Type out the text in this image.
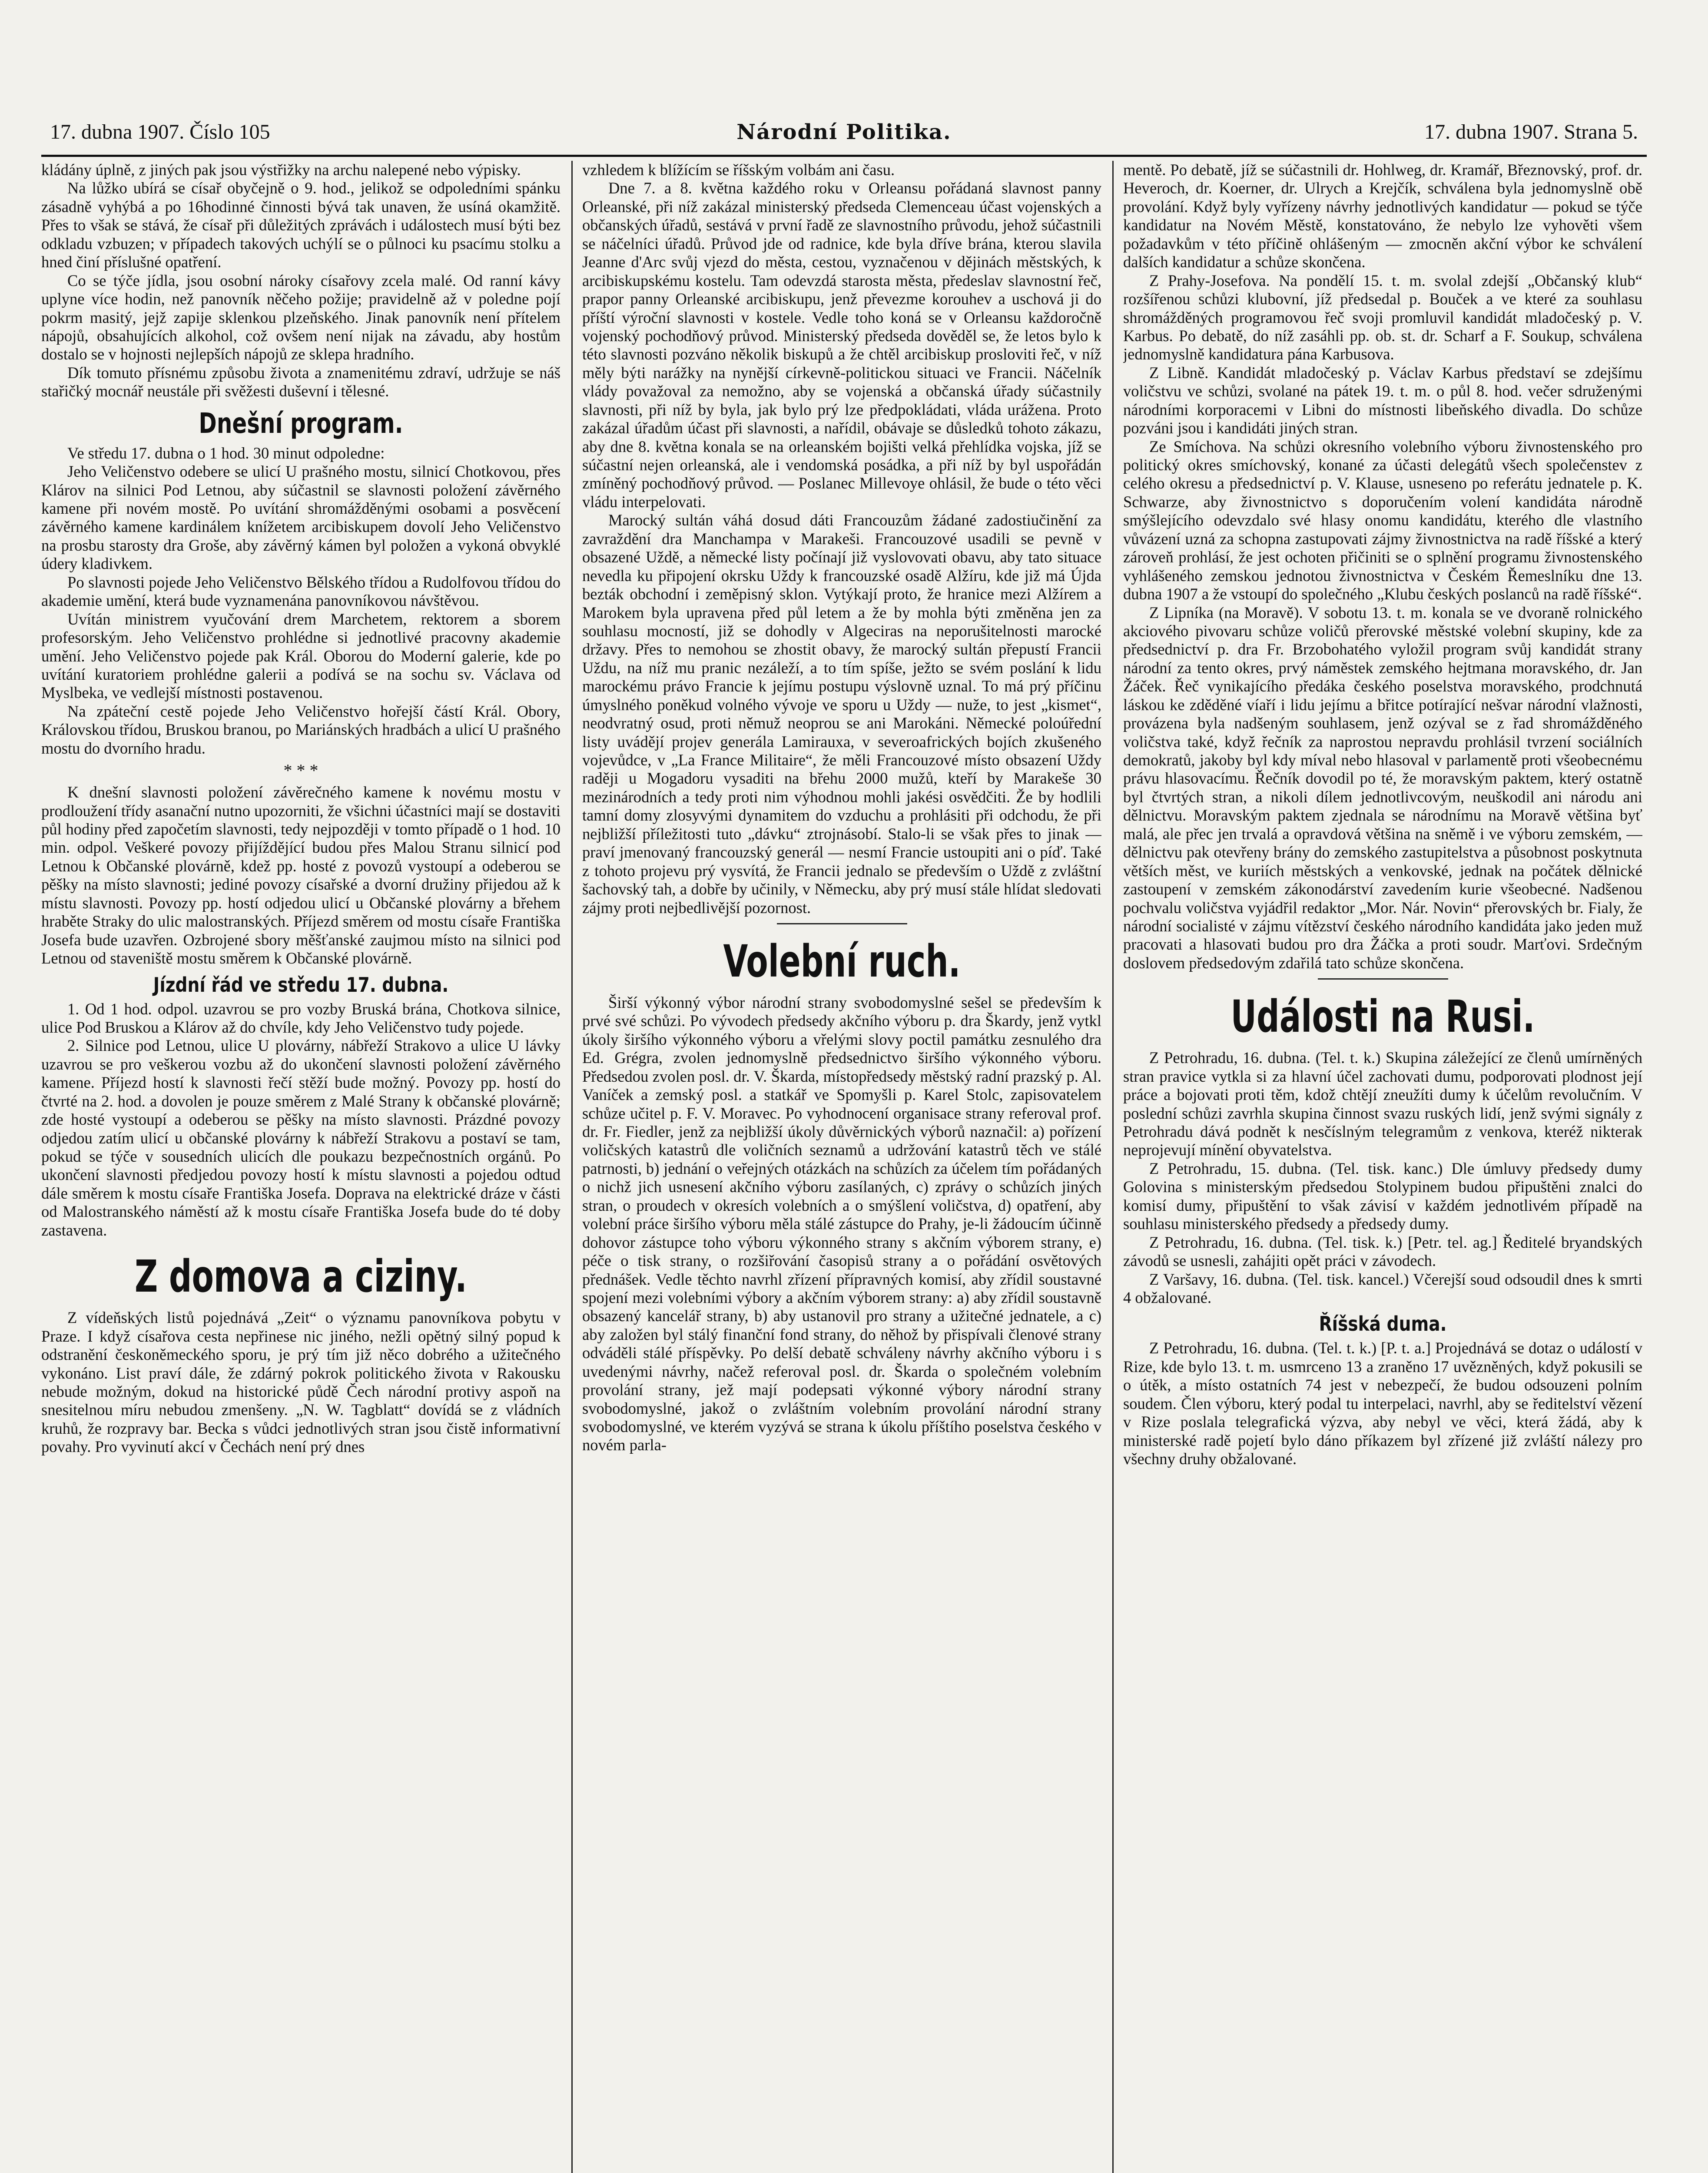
17. dubna 1907. Číslo 105	Národní Politika.	17. dubna 1907. Strana 5.

kládány úplně, z jiných pak jsou výstřižky na archu nalepené nebo výpisky.

Na lůžko ubírá se císař obyčejně o 9. hod., jelikož se odpoledními spánku zásadně vyhýbá a po 16hodinné činnosti bývá tak unaven, že usíná okamžitě. Přes to však se stává, že císař při důležitých zprávách i událostech musí býti bez odkladu vzbuzen; v případech takových uchýlí se o půlnoci ku psacímu stolku a hned činí příslušné opatření.

Co se týče jídla, jsou osobní nároky císařovy zcela malé. Od ranní kávy uplyne více hodin, než panovník něčeho požije; pravidelně až v poledne pojí pokrm masitý, jejž zapije sklenkou plzeňského. Jinak panovník není přítelem nápojů, obsahujících alkohol, což ovšem není nijak na závadu, aby hostům dostalo se v hojnosti nejlepších nápojů ze sklepa hradního.

Dík tomuto přísnému způsobu života a znamenitému zdraví, udržuje se náš stařičký mocnář neustále při svěžesti duševní i tělesné.

Dnešní program.

Ve středu 17. dubna o 1 hod. 30 minut odpoledne:

Jeho Veličenstvo odebere se ulicí U prašného mostu, silnicí Chotkovou, přes Klárov na silnici Pod Letnou, aby súčastnil se slavnosti položení závěrného kamene při novém mostě. Po uvítání shromážděnými osobami a posvěcení závěrného kamene kardinálem knížetem arcibiskupem dovolí Jeho Veličenstvo na prosbu starosty dra Groše, aby závěrný kámen byl položen a vykoná obvyklé údery kladivkem.

Po slavnosti pojede Jeho Veličenstvo Bělského třídou a Rudolfovou třídou do akademie umění, která bude vyznamenána panovníkovou návštěvou.

Uvítán ministrem vyučování drem Marchetem, rektorem a sborem profesorským. Jeho Veličenstvo prohlédne si jednotlivé pracovny akademie umění. Jeho Veličenstvo pojede pak Král. Oborou do Moderní galerie, kde po uvítání kuratoriem prohlédne galerii a podívá se na sochu sv. Václava od Myslbeka, ve vedlejší místnosti postavenou.

Na zpáteční cestě pojede Jeho Veličenstvo hořejší částí Král. Obory, Královskou třídou, Bruskou branou, po Mariánských hradbách a ulicí U prašného mostu do dvorního hradu.

* * *

K dnešní slavnosti položení závěrečného kamene k novému mostu v prodloužení třídy asanační nutno upozorniti, že všichni účastníci mají se dostaviti půl hodiny před započetím slavnosti, tedy nejpozději v tomto případě o 1 hod. 10 min. odpol. Veškeré povozy přijíždějící budou přes Malou Stranu silnicí pod Letnou k Občanské plovárně, kdež pp. hosté z povozů vystoupí a odeberou se pěšky na místo slavnosti; jediné povozy císařské a dvorní družiny přijedou až k místu slavnosti. Povozy pp. hostí odjedou ulicí u Občanské plovárny a břehem hraběte Straky do ulic malostranských. Příjezd směrem od mostu císaře Františka Josefa bude uzavřen. Ozbrojené sbory měšťanské zaujmou místo na silnici pod Letnou od staveniště mostu směrem k Občanské plovárně.

Jízdní řád ve středu 17. dubna.

1. Od 1 hod. odpol. uzavrou se pro vozby Bruská brána, Chotkova silnice, ulice Pod Bruskou a Klárov až do chvíle, kdy Jeho Veličenstvo tudy pojede.

2. Silnice pod Letnou, ulice U plovárny, nábřeží Strakovo a ulice U lávky uzavrou se pro veškerou vozbu až do ukončení slavnosti položení závěrného kamene. Příjezd hostí k slavnosti řečí stěží bude možný. Povozy pp. hostí do čtvrté na 2. hod. a dovolen je pouze směrem z Malé Strany k občanské plovárně; zde hosté vystoupí a odeberou se pěšky na místo slavnosti. Prázdné povozy odjedou zatím ulicí u občanské plovárny k nábřeží Strakovu a postaví se tam, pokud se týče v sousedních ulicích dle poukazu bezpečnostních orgánů. Po ukončení slavnosti předjedou povozy hostí k místu slavnosti a pojedou odtud dále směrem k mostu císaře Františka Josefa. Doprava na elektrické dráze v části od Malostranského náměstí až k mostu císaře Františka Josefa bude do té doby zastavena.

Z domova a ciziny.

Z vídeňských listů pojednává „Zeit“ o významu panovníkova pobytu v Praze. I když císařova cesta nepřinese nic jiného, nežli opětný silný popud k odstranění českoněmeckého sporu, je prý tím již něco dobrého a užitečného vykonáno. List praví dále, že zdárný pokrok politického života v Rakousku nebude možným, dokud na historické půdě Čech národní protivy aspoň na snesitelnou míru nebudou zmenšeny. „N. W. Tagblatt“ dovídá se z vládních kruhů, že rozpravy bar. Becka s vůdci jednotlivých stran jsou čistě informativní povahy. Pro vyvinutí akcí v Čechách není prý dnes

vzhledem k blížícím se říšským volbám ani času.

Dne 7. a 8. května každého roku v Orleansu pořádaná slavnost panny Orleanské, při níž zakázal ministerský předseda Clemenceau účast vojenských a občanských úřadů, sestává v první řadě ze slavnostního průvodu, jehož súčastnili se náčelníci úřadů. Průvod jde od radnice, kde byla dříve brána, kterou slavila Jeanne d'Arc svůj vjezd do města, cestou, vyznačenou v dějinách městských, k arcibiskupskému kostelu. Tam odevzdá starosta města, předeslav slavnostní řeč, prapor panny Orleanské arcibiskupu, jenž převezme korouhev a uschová ji do příští výroční slavnosti v kostele. Vedle toho koná se v Orleansu každoročně vojenský pochodňový průvod. Ministerský předseda dověděl se, že letos bylo k této slavnosti pozváno několik biskupů a že chtěl arcibiskup prosloviti řeč, v níž měly býti narážky na nynější církevně-politickou situaci ve Francii. Náčelník vlády považoval za nemožno, aby se vojenská a občanská úřady súčastnily slavnosti, při níž by byla, jak bylo prý lze předpokládati, vláda urážena. Proto zakázal úřadům účast při slavnosti, a nařídil, obávaje se důsledků tohoto zákazu, aby dne 8. května konala se na orleanském bojišti velká přehlídka vojska, jíž se súčastní nejen orleanská, ale i vendomská posádka, a při níž by byl uspořádán zmíněný pochodňový průvod. — Poslanec Millevoye ohlásil, že bude o této věci vládu interpelovati.

Marocký sultán váhá dosud dáti Francouzům žádané zadostiučinění za zavraždění dra Manchampa v Marakeši. Francouzové usadili se pevně v obsazené Uždě, a německé listy počínají již vyslovovati obavu, aby tato situace nevedla ku připojení okrsku Uždy k francouzské osadě Alžíru, kde již má Újda bezták obchodní i zeměpisný sklon. Vytýkají proto, že hranice mezi Alžírem a Marokem byla upravena před půl letem a že by mohla býti změněna jen za souhlasu mocností, již se dohodly v Algeciras na neporušitelnosti marocké državy. Přes to nemohou se zhostit obavy, že marocký sultán přepustí Francii Uždu, na níž mu pranic nezáleží, a to tím spíše, ježto se svém poslání k lidu marockému právo Francie k jejímu postupu výslovně uznal. To má prý příčinu úmyslného poněkud volného vývoje ve sporu u Uždy — nuže, to jest „kismet“, neodvratný osud, proti němuž neoprou se ani Marokáni. Německé poloúřední listy uvádějí projev generála Lamirauxa, v severoafrických bojích zkušeného vojevůdce, v „La France Militaire“, že měli Francouzové místo obsazení Uždy raději u Mogadoru vysaditi na břehu 2000 mužů, kteří by Marakeše 30 mezinárodních a tedy proti nim výhodnou mohli jakési osvědčiti. Že by hodlili tamní domy zlosyvými dynamitem do vzduchu a prohlásiti při odchodu, že při nejbližší příležitosti tuto „dávku“ ztrojnásobí. Stalo-li se však přes to jinak — praví jmenovaný francouzský generál — nesmí Francie ustoupiti ani o píď. Také z tohoto projevu prý vysvítá, že Francii jednalo se především o Uždě z zvláštní šachovský tah, a dobře by učinily, v Německu, aby prý musí stále hlídat sledovati zájmy proti nejbedlivější pozornost.

Volební ruch.

Širší výkonný výbor národní strany svobodomyslné sešel se především k prvé své schůzi. Po vývodech předsedy akčního výboru p. dra Škardy, jenž vytkl úkoly širšího výkonného výboru a vřelými slovy poctil památku zesnulého dra Ed. Grégra, zvolen jednomyslně předsednictvo širšího výkonného výboru. Předsedou zvolen posl. dr. V. Škarda, místopředsedy městský radní prazský p. Al. Vaníček a zemský posl. a statkář ve Spomyšli p. Karel Stolc, zapisovatelem schůze učitel p. F. V. Moravec. Po vyhodnocení organisace strany referoval prof. dr. Fr. Fiedler, jenž za nejbližší úkoly důvěrnických výborů naznačil: a) pořízení voličských katastrů dle voličních seznamů a udržování katastrů těch ve stálé patrnosti, b) jednání o veřejných otázkách na schůzích za účelem tím pořádaných o nichž jich usnesení akčního výboru zasílaných, c) zprávy o schůzích jiných stran, o proudech v okresích volebních a o smýšlení voličstva, d) opatření, aby volební práce širšího výboru měla stálé zástupce do Prahy, je-li žádoucím účinně dohovor zástupce toho výboru výkonného strany s akčním výborem strany, e) péče o tisk strany, o rozšiřování časopisů strany a o pořádání osvětových přednášek. Vedle těchto navrhl zřízení přípravných komisí, aby zřídil soustavné spojení mezi volebními výbory a akčním výborem strany: a) aby zřídil soustavně obsazený kancelář strany, b) aby ustanovil pro strany a užitečné jednatele, a c) aby založen byl stálý finanční fond strany, do něhož by přispívali členové strany odváděli stálé příspěvky. Po delší debatě schváleny návrhy akčního výboru i s uvedenými návrhy, načež referoval posl. dr. Škarda o společném volebním provolání strany, jež mají podepsati výkonné výbory národní strany svobodomyslné, jakož o zvláštním volebním provolání národní strany svobodomyslné, ve kterém vyzývá se strana k úkolu příštího poselstva českého v novém parla-

mentě. Po debatě, jíž se súčastnili dr. Hohlweg, dr. Kramář, Březnovský, prof. dr. Heveroch, dr. Koerner, dr. Ulrych a Krejčík, schválena byla jednomyslně obě provolání. Když byly vyřízeny návrhy jednotlivých kandidatur — pokud se týče kandidatur na Novém Městě, konstatováno, že nebylo lze vyhověti všem požadavkům v této příčině ohlášeným — zmocněn akční výbor ke schválení dalších kandidatur a schůze skončena.

Z Prahy-Josefova. Na pondělí 15. t. m. svolal zdejší „Občanský klub“ rozšířenou schůzi klubovní, jíž předsedal p. Bouček a ve které za souhlasu shromážděných programovou řeč svoji promluvil kandidát mladočeský p. V. Karbus. Po debatě, do níž zasáhli pp. ob. st. dr. Scharf a F. Soukup, schválena jednomyslně kandidatura pána Karbusova.

Z Libně. Kandidát mladočeský p. Václav Karbus představí se zdejšímu voličstvu ve schůzi, svolané na pátek 19. t. m. o půl 8. hod. večer sdruženými národními korporacemi v Libni do místnosti libeňského divadla. Do schůze pozváni jsou i kandidáti jiných stran.

Ze Smíchova. Na schůzi okresního volebního výboru živnostenského pro politický okres smíchovský, konané za účasti delegátů všech společenstev z celého okresu a předsednictví p. V. Klause, usneseno po referátu jednatele p. K. Schwarze, aby živnostnictvo s doporučením volení kandidáta národně smýšlejícího odevzdalo své hlasy onomu kandidátu, kterého dle vlastního vůvázení uzná za schopna zastupovati zájmy živnostnictva na radě říšské a který zároveň prohlásí, že jest ochoten přičiniti se o splnění programu živnostenského vyhlášeného zemskou jednotou živnostnictva v Českém Řemeslníku dne 13. dubna 1907 a že vstoupí do společného „Klubu českých poslanců na radě říšské“.

Z Lipníka (na Moravě). V sobotu 13. t. m. konala se ve dvoraně rolnického akciového pivovaru schůze voličů přerovské městské volební skupiny, kde za předsednictví p. dra Fr. Brzobohatého vyložil program svůj kandidát strany národní za tento okres, prvý náměstek zemského hejtmana moravského, dr. Jan Žáček. Řeč vynikajícího předáka českého poselstva moravského, prodchnutá láskou ke zděděné víaří i lidu jejímu a břitce potírající nešvar národní vlažnosti, provázena byla nadšeným souhlasem, jenž ozýval se z řad shromážděného voličstva také, když řečník za naprostou nepravdu prohlásil tvrzení sociálních demokratů, jakoby byl kdy míval nebo hlasoval v parlamentě proti všeobecnému právu hlasovacímu. Řečník dovodil po té, že moravským paktem, který ostatně byl čtvrtých stran, a nikoli dílem jednotlivcovým, neuškodil ani národu ani dělnictvu. Moravským paktem zjednala se národnímu na Moravě většina byť malá, ale přec jen trvalá a opravdová většina na sněmě i ve výboru zemském, — dělnictvu pak otevřeny brány do zemského zastupitelstva a působnost poskytnuta větších měst, ve kuriích městských a venkovské, jednak na počátek dělnické zastoupení v zemském zákonodárství zavedením kurie všeobecné. Nadšenou pochvalu voličstva vyjádřil redaktor „Mor. Nár. Novin“ přerovských br. Fialy, že národní socialisté v zájmu vítězství českého národního kandidáta jako jeden muž pracovati a hlasovati budou pro dra Žáčka a proti soudr. Marťovi. Srdečným doslovem předsedovým zdařilá tato schůze skončena.

Události na Rusi.

Z Petrohradu, 16. dubna. (Tel. t. k.) Skupina záležející ze členů umírněných stran pravice vytkla si za hlavní účel zachovati dumu, podporovati plodnost její práce a bojovati proti těm, kdož chtějí zneužíti dumy k účelům revolučním. V poslední schůzi zavrhla skupina činnost svazu ruských lidí, jenž svými signály z Petrohradu dává podnět k nesčíslným telegramům z venkova, kteréž nikterak neprojevují mínění obyvatelstva.

Z Petrohradu, 15. dubna. (Tel. tisk. kanc.) Dle úmluvy předsedy dumy Golovina s ministerským předsedou Stolypinem budou připuštěni znalci do komisí dumy, připuštění to však závisí v každém jednotlivém případě na souhlasu ministerského předsedy a předsedy dumy.

Z Petrohradu, 16. dubna. (Tel. tisk. k.) [Petr. tel. ag.] Ředitelé bryandských závodů se usnesli, zahájiti opět práci v závodech.

Z Varšavy, 16. dubna. (Tel. tisk. kancel.) Včerejší soud odsoudil dnes k smrti 4 obžalované.

Říšská duma.

Z Petrohradu, 16. dubna. (Tel. t. k.) [P. t. a.] Projednává se dotaz o událostí v Rize, kde bylo 13. t. m. usmrceno 13 a zraněno 17 uvězněných, když pokusili se o útěk, a místo ostatních 74 jest v nebezpečí, že budou odsouzeni polním soudem. Člen výboru, který podal tu interpelaci, navrhl, aby se ředitelství vězení v Rize poslala telegrafická výzva, aby nebyl ve věci, která žádá, aby k ministerské radě pojetí bylo dáno příkazem byl zřízené již zvláští nálezy pro všechny druhy obžalované.
